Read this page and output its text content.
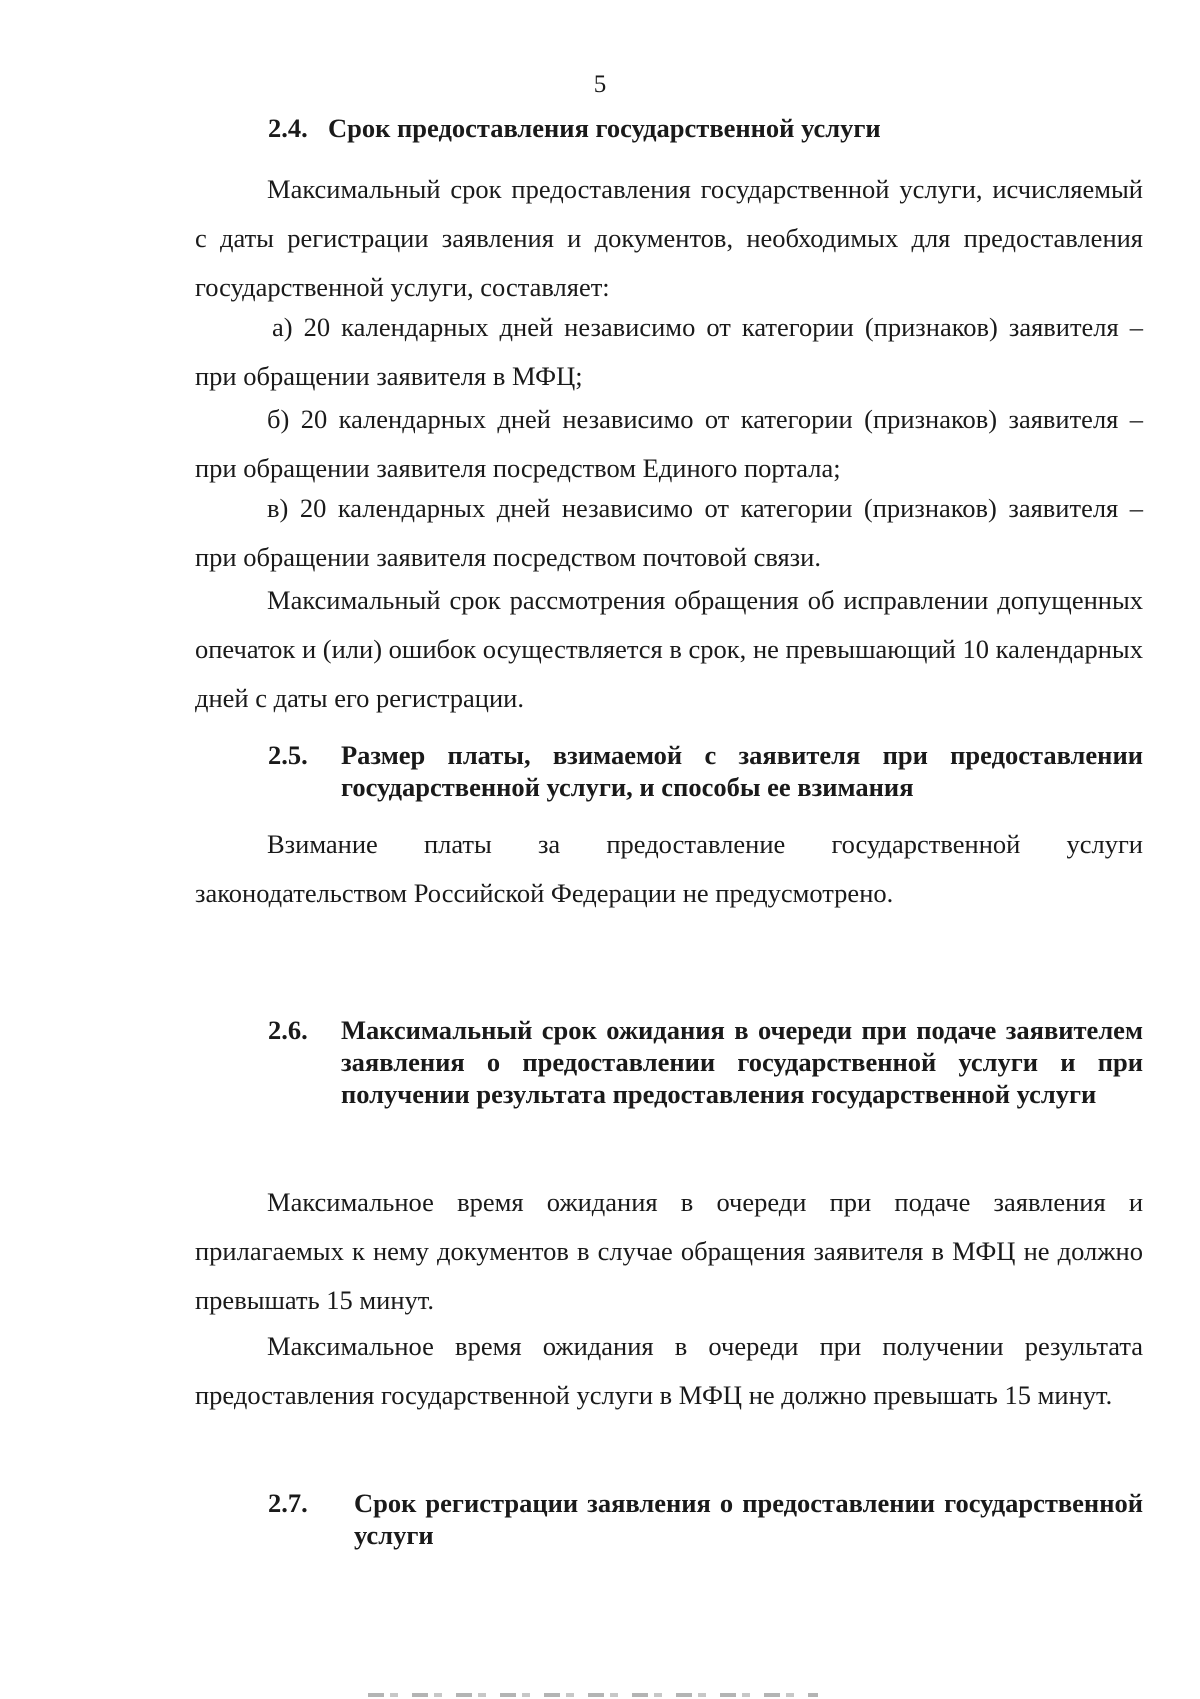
5
2.4. Срок предоставления государственной услуги
Максимальный срок предоставления государственной услуги, исчисляемый с даты регистрации заявления и документов, необходимых для предоставления государственной услуги, составляет:
а) 20 календарных дней независимо от категории (признаков) заявителя – при обращении заявителя в МФЦ;
б) 20 календарных дней независимо от категории (признаков) заявителя – при обращении заявителя посредством Единого портала;
в) 20 календарных дней независимо от категории (признаков) заявителя – при обращении заявителя посредством почтовой связи.
Максимальный срок рассмотрения обращения об исправлении допущенных опечаток и (или) ошибок осуществляется в срок, не превышающий 10 календарных дней с даты его регистрации.
2.5.	Размер платы, взимаемой с заявителя при предоставлении государственной услуги, и способы ее взимания
Взимание платы за предоставление государственной услуги законодательством Российской Федерации не предусмотрено.
2.6.	Максимальный срок ожидания в очереди при подаче заявителем заявления о предоставлении государственной услуги и при получении результата предоставления государственной услуги
Максимальное время ожидания в очереди при подаче заявления и прилагаемых к нему документов в случае обращения заявителя в МФЦ не должно превышать 15 минут.
Максимальное время ожидания в очереди при получении результата предоставления государственной услуги в МФЦ не должно превышать 15 минут.
2.7.	Срок регистрации заявления о предоставлении государственной услуги
